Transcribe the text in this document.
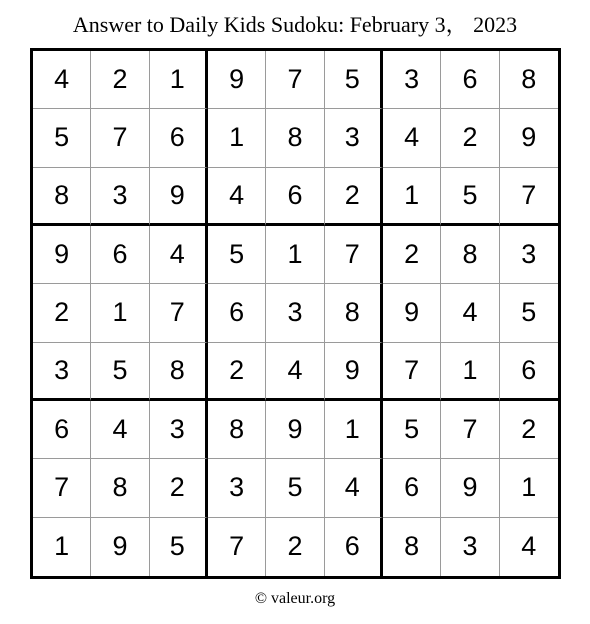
Answer to Daily Kids Sudoku: February 3， 2023
4	2	1	9	7	5	3	6	8
5	7	6	1	8	3	4	2	9
8	3	9	4	6	2	1	5	7
9	6	4	5	1	7	2	8	3
2	1	7	6	3	8	9	4	5
3	5	8	2	4	9	7	1	6
6	4	3	8	9	1	5	7	2
7	8	2	3	5	4	6	9	1
1	9	5	7	2	6	8	3	4
© valeur.org
